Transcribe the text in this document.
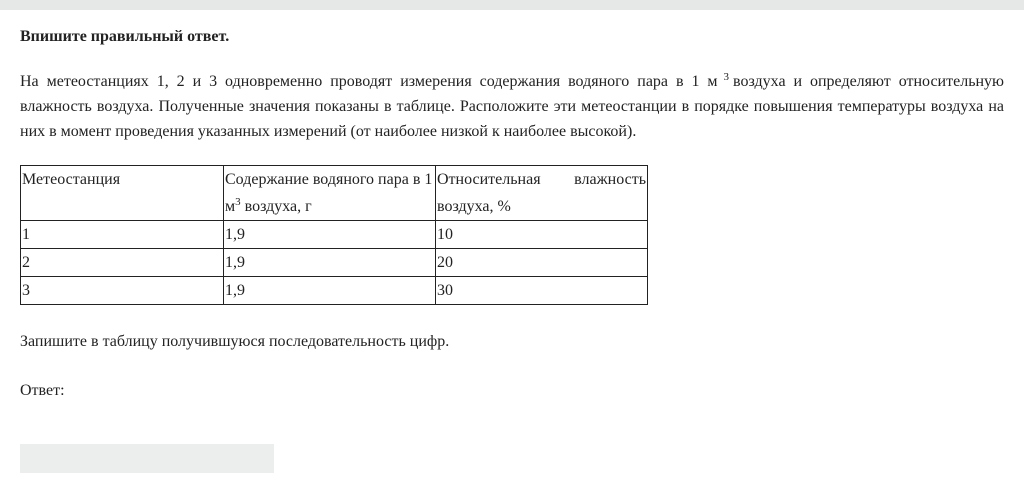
Впишите правильный ответ.

На метеостанциях 1, 2 и 3 одновременно проводят измерения содержания водяного пара в 1 м $^3$ воздуха и определяют относительную влажность воздуха. Полученные значения показаны в таблице. Расположите эти метеостанции в порядке повышения температуры воздуха на них в момент проведения указанных измерений (от наиболее низкой к наиболее высокой).
Метеостанция	Содержание водяного пара в 1 $м^3$ воздуха, г	Относительная влажность воздуха, %
1	1,9	10
2	1,9	20
3	1,9	30
Запишите в таблицу получившуюся последовательность цифр.
Ответ:
